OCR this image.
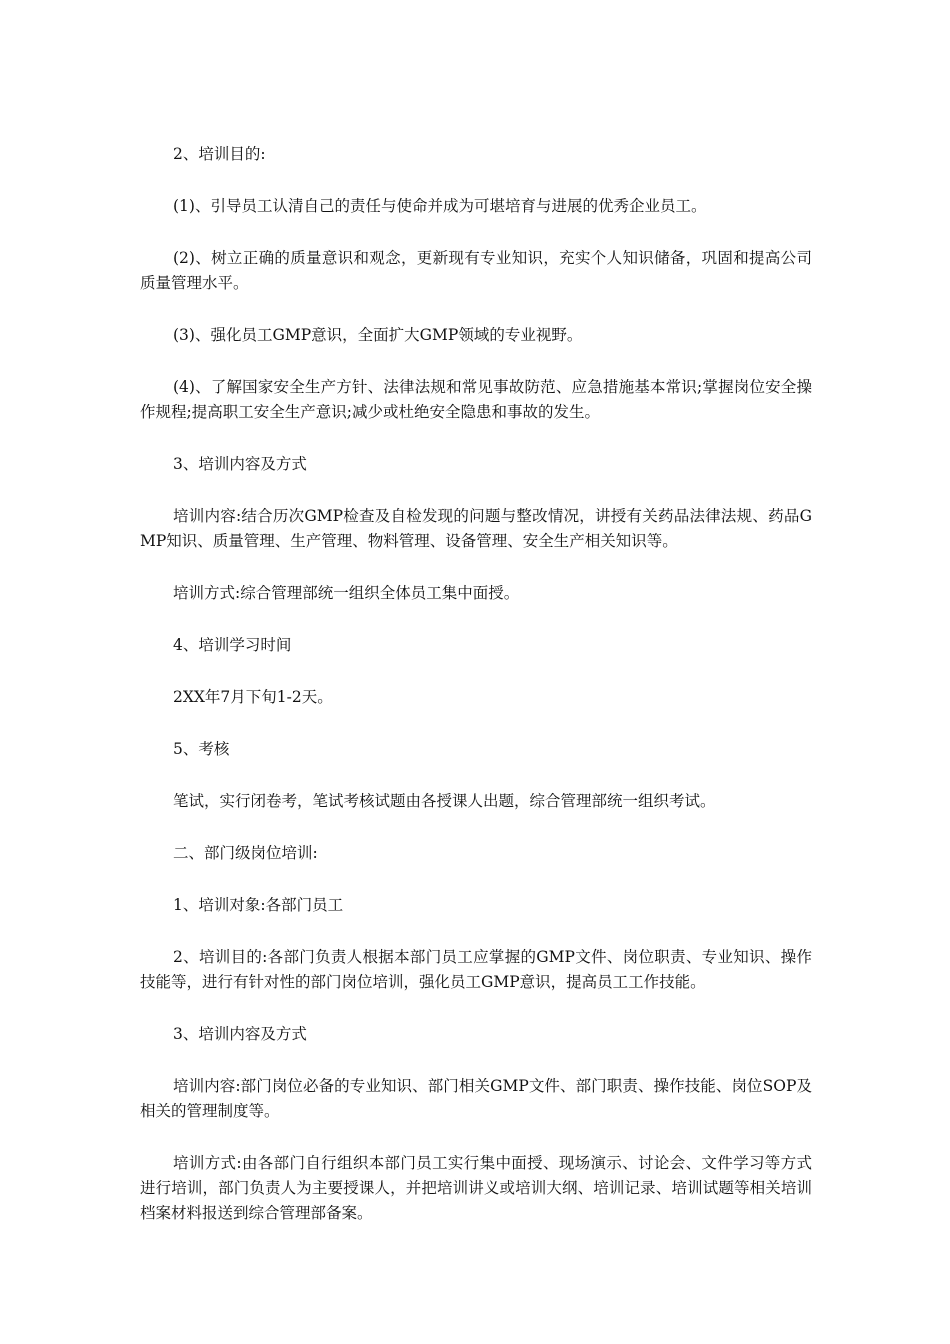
2、培训目的:

(1)、引导员工认清自己的责任与使命并成为可堪培育与进展的优秀企业员工。

(2)、树立正确的质量意识和观念，更新现有专业知识，充实个人知识储备，巩固和提高公司质量管理水平。

(3)、强化员工GMP意识，全面扩大GMP领域的专业视野。

(4)、了解国家安全生产方针、法律法规和常见事故防范、应急措施基本常识;掌握岗位安全操作规程;提高职工安全生产意识;减少或杜绝安全隐患和事故的发生。

3、培训内容及方式

培训内容:结合历次GMP检查及自检发现的问题与整改情况，讲授有关药品法律法规、药品GMP知识、质量管理、生产管理、物料管理、设备管理、安全生产相关知识等。

培训方式:综合管理部统一组织全体员工集中面授。

4、培训学习时间

2XX年7月下旬1-2天。

5、考核

笔试，实行闭卷考，笔试考核试题由各授课人出题，综合管理部统一组织考试。

二、部门级岗位培训:

1、培训对象:各部门员工

2、培训目的:各部门负责人根据本部门员工应掌握的GMP文件、岗位职责、专业知识、操作技能等，进行有针对性的部门岗位培训，强化员工GMP意识，提高员工工作技能。

3、培训内容及方式

培训内容:部门岗位必备的专业知识、部门相关GMP文件、部门职责、操作技能、岗位SOP及相关的管理制度等。

培训方式:由各部门自行组织本部门员工实行集中面授、现场演示、讨论会、文件学习等方式进行培训，部门负责人为主要授课人，并把培训讲义或培训大纲、培训记录、培训试题等相关培训档案材料报送到综合管理部备案。
